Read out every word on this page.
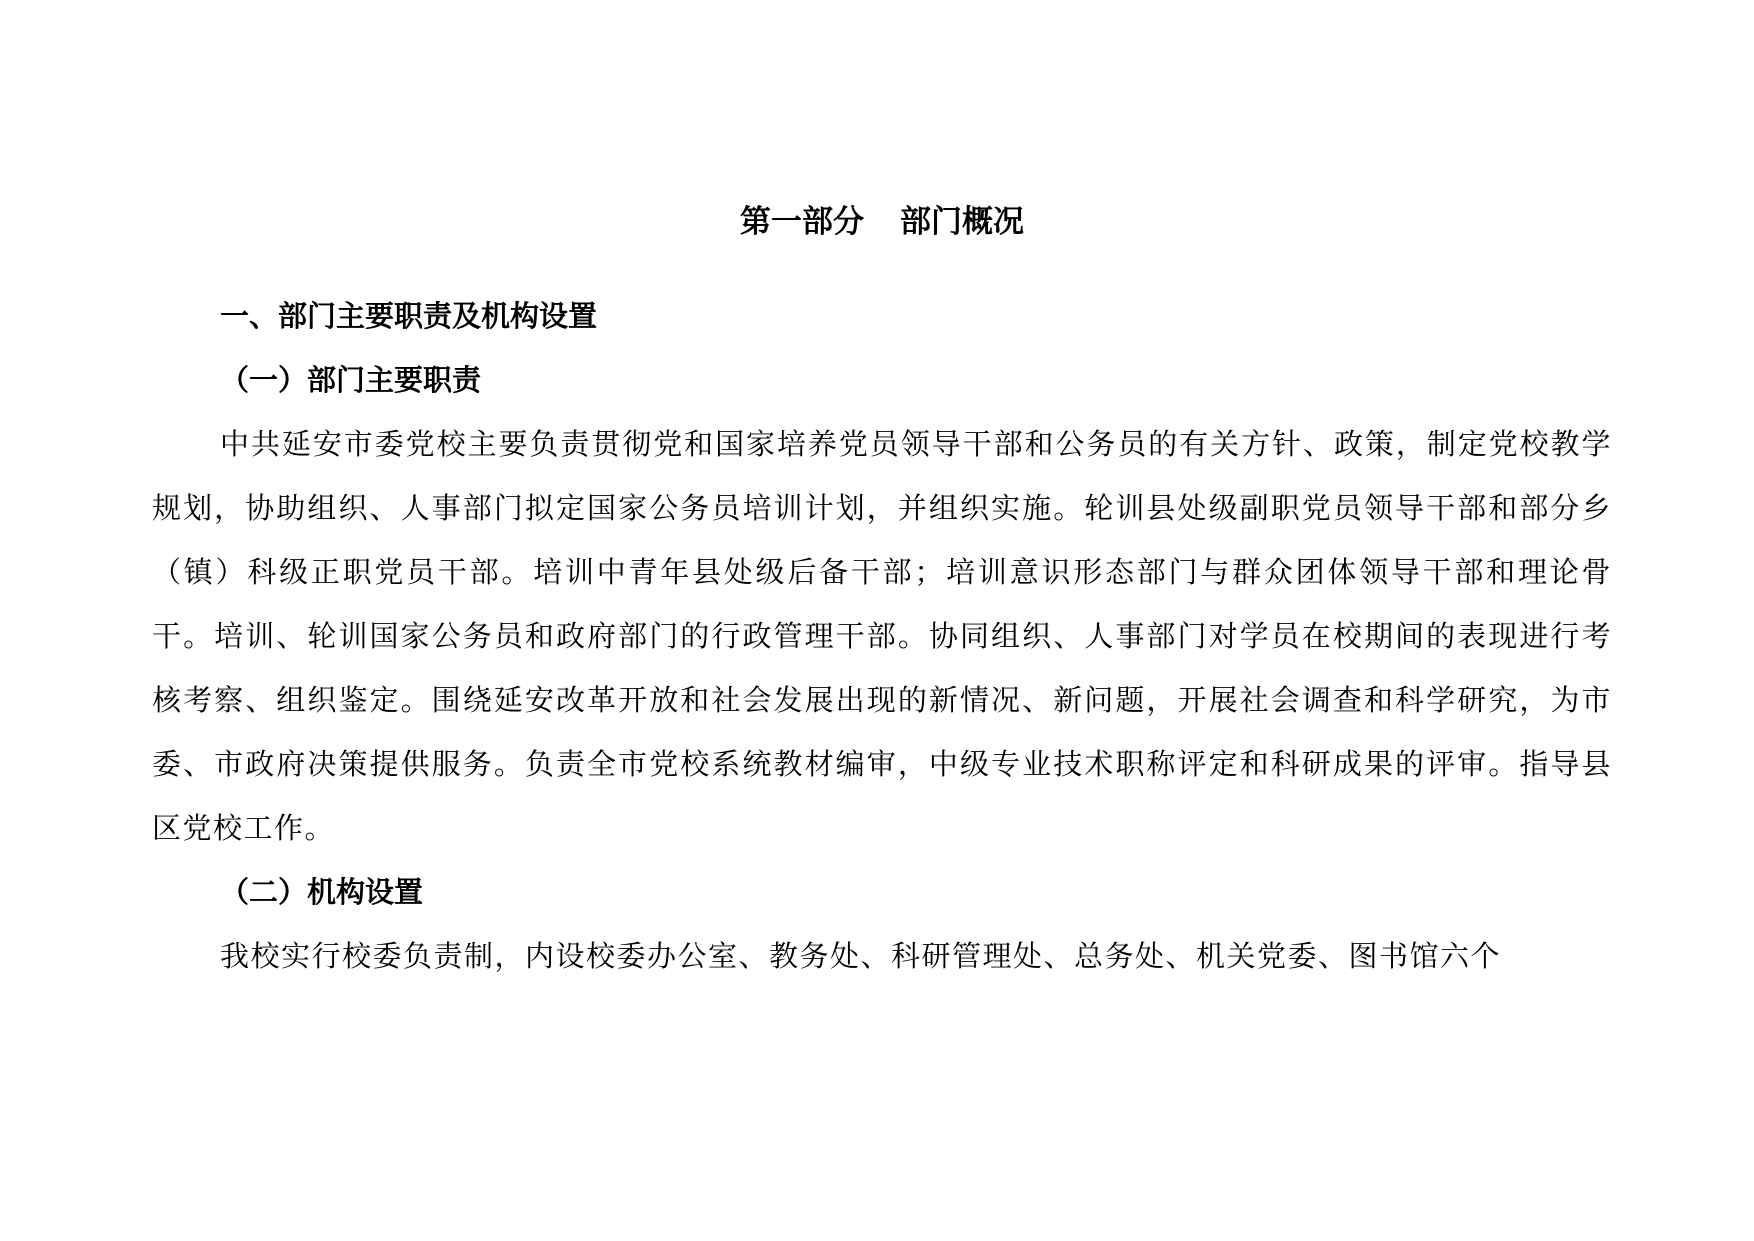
第一部分 部门概况
一、部门主要职责及机构设置
（一）部门主要职责

中共延安市委党校主要负责贯彻党和国家培养党员领导干部和公务员的有关方针、政策，制定党校教学规划，协助组织、人事部门拟定国家公务员培训计划，并组织实施。轮训县处级副职党员领导干部和部分乡（镇）科级正职党员干部。培训中青年县处级后备干部；培训意识形态部门与群众团体领导干部和理论骨干。培训、轮训国家公务员和政府部门的行政管理干部。协同组织、人事部门对学员在校期间的表现进行考核考察、组织鉴定。围绕延安改革开放和社会发展出现的新情况、新问题，开展社会调查和科学研究，为市委、市政府决策提供服务。负责全市党校系统教材编审，中级专业技术职称评定和科研成果的评审。指导县区党校工作。

（二）机构设置

我校实行校委负责制，内设校委办公室、教务处、科研管理处、总务处、机关党委、图书馆六个
